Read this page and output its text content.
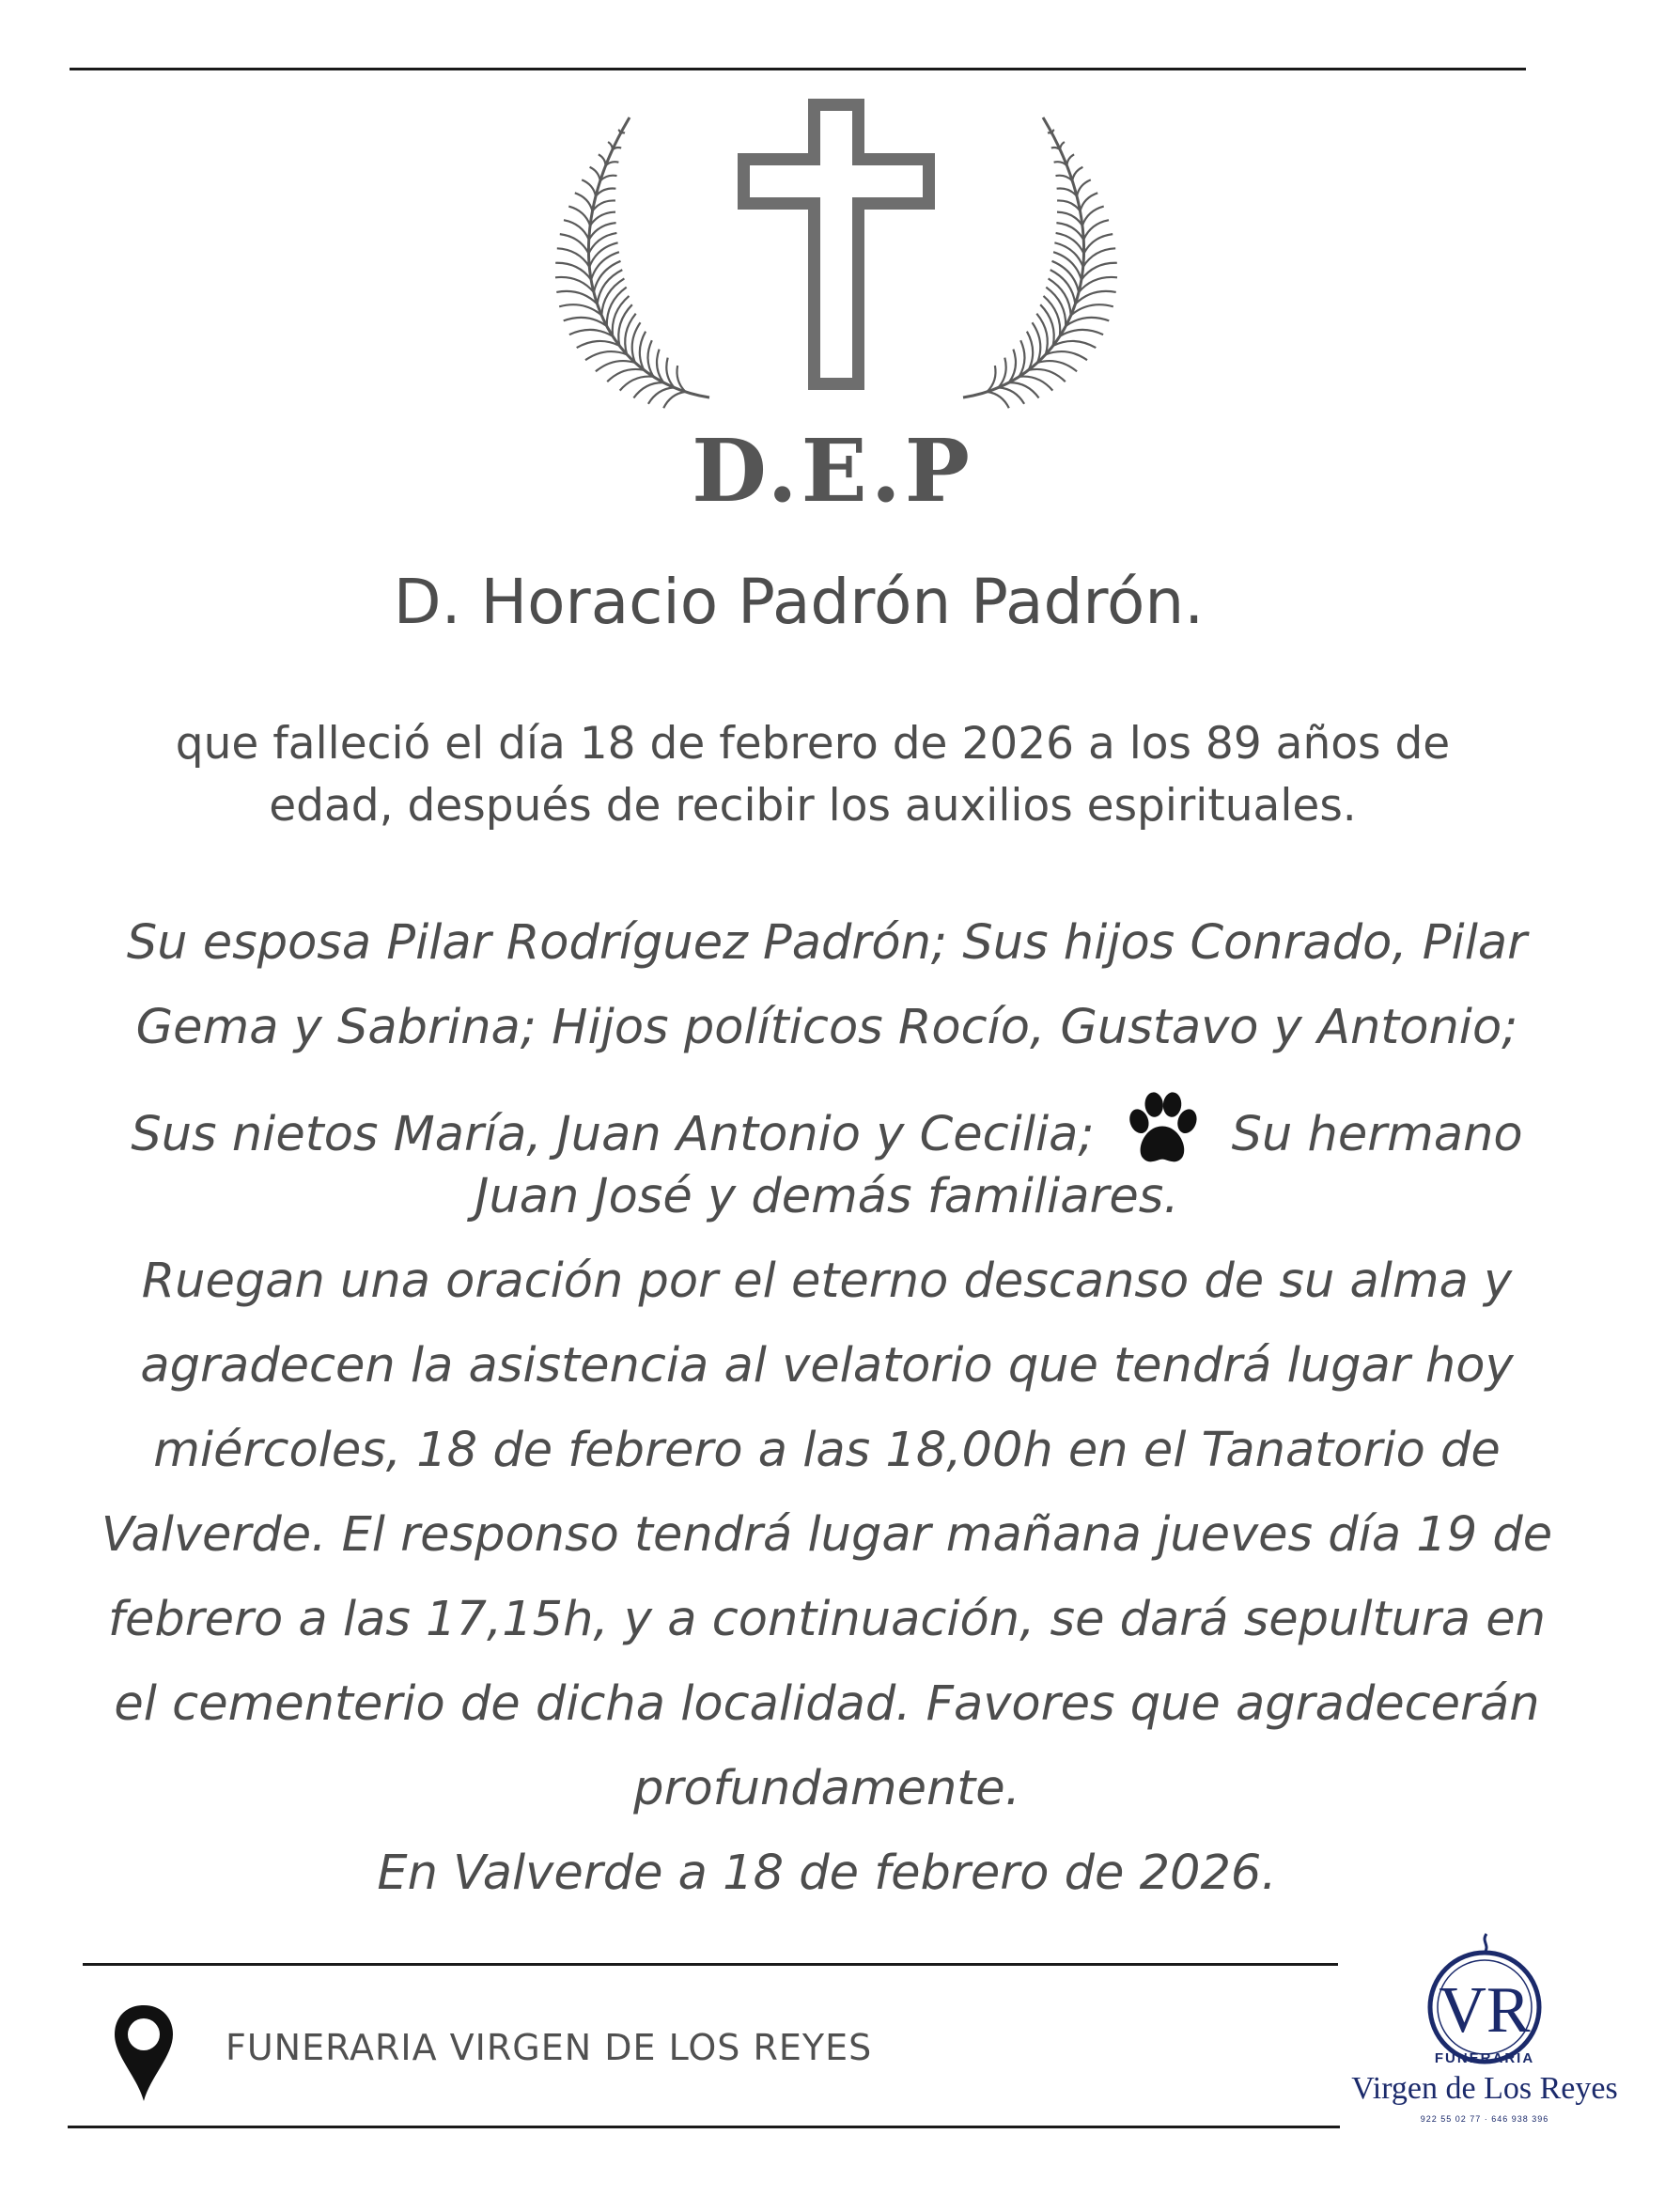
D.E.P
D. Horacio Padrón Padrón.
que falleció el día 18 de febrero de 2026 a los 89 años de
edad, después de recibir los auxilios espirituales.
Su esposa Pilar Rodríguez Padrón; Sus hijos Conrado, Pilar
Gema y Sabrina; Hijos políticos Rocío, Gustavo y Antonio;
Sus nietos María, Juan Antonio y Cecilia;	Su hermano
Juan José y demás familiares.
Ruegan una oración por el eterno descanso de su alma y
agradecen la asistencia al velatorio que tendrá lugar hoy
miércoles, 18 de febrero a las 18,00h en el Tanatorio de
Valverde. El responso tendrá lugar mañana jueves día 19 de
febrero a las 17,15h, y a continuación, se dará sepultura en
el cementerio de dicha localidad. Favores que agradecerán
profundamente.
En Valverde a 18 de febrero de 2026.
FUNERARIA VIRGEN DE LOS REYES
VR
FUNERARIA
Virgen de Los Reyes
922 55 02 77 · 646 938 396
